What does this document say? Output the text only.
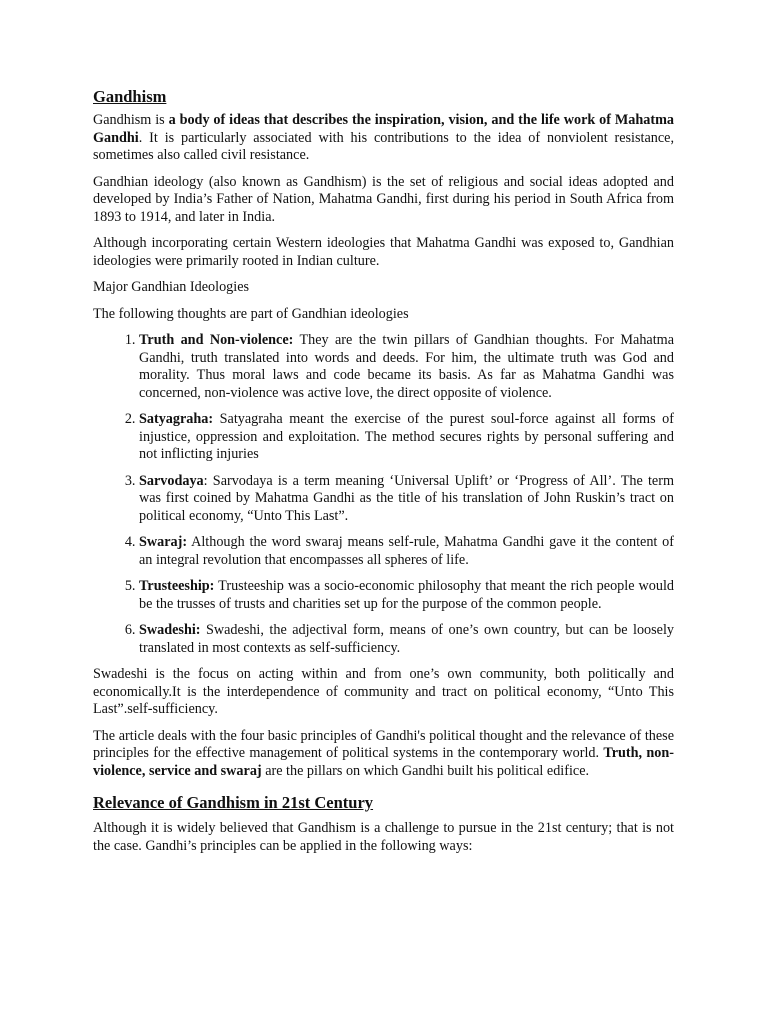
Gandhism

Gandhism is a body of ideas that describes the inspiration, vision, and the life work of Mahatma Gandhi. It is particularly associated with his contributions to the idea of nonviolent resistance, sometimes also called civil resistance.

Gandhian ideology (also known as Gandhism) is the set of religious and social ideas adopted and developed by India’s Father of Nation, Mahatma Gandhi, first during his period in South Africa from 1893 to 1914, and later in India.

Although incorporating certain Western ideologies that Mahatma Gandhi was exposed to, Gandhian ideologies were primarily rooted in Indian culture.

Major Gandhian Ideologies

The following thoughts are part of Gandhian ideologies

1. Truth and Non-violence: They are the twin pillars of Gandhian thoughts. For Mahatma Gandhi, truth translated into words and deeds. For him, the ultimate truth was God and morality. Thus moral laws and code became its basis. As far as Mahatma Gandhi was concerned, non-violence was active love, the direct opposite of violence.
2. Satyagraha: Satyagraha meant the exercise of the purest soul-force against all forms of injustice, oppression and exploitation. The method secures rights by personal suffering and not inflicting injuries
3. Sarvodaya: Sarvodaya is a term meaning ‘Universal Uplift’ or ‘Progress of All’. The term was first coined by Mahatma Gandhi as the title of his translation of John Ruskin’s tract on political economy, “Unto This Last”.
4. Swaraj: Although the word swaraj means self-rule, Mahatma Gandhi gave it the content of an integral revolution that encompasses all spheres of life.
5. Trusteeship: Trusteeship was a socio-economic philosophy that meant the rich people would be the trusses of trusts and charities set up for the purpose of the common people.
6. Swadeshi: Swadeshi, the adjectival form, means of one’s own country, but can be loosely translated in most contexts as self-sufficiency.

Swadeshi is the focus on acting within and from one’s own community, both politically and economically.It is the interdependence of community and tract on political economy, “Unto This Last”.self-sufficiency.

The article deals with the four basic principles of Gandhi's political thought and the relevance of these principles for the effective management of political systems in the contemporary world. Truth, non-violence, service and swaraj are the pillars on which Gandhi built his political edifice.

Relevance of Gandhism in 21st Century

Although it is widely believed that Gandhism is a challenge to pursue in the 21st century; that is not the case. Gandhi’s principles can be applied in the following ways:
